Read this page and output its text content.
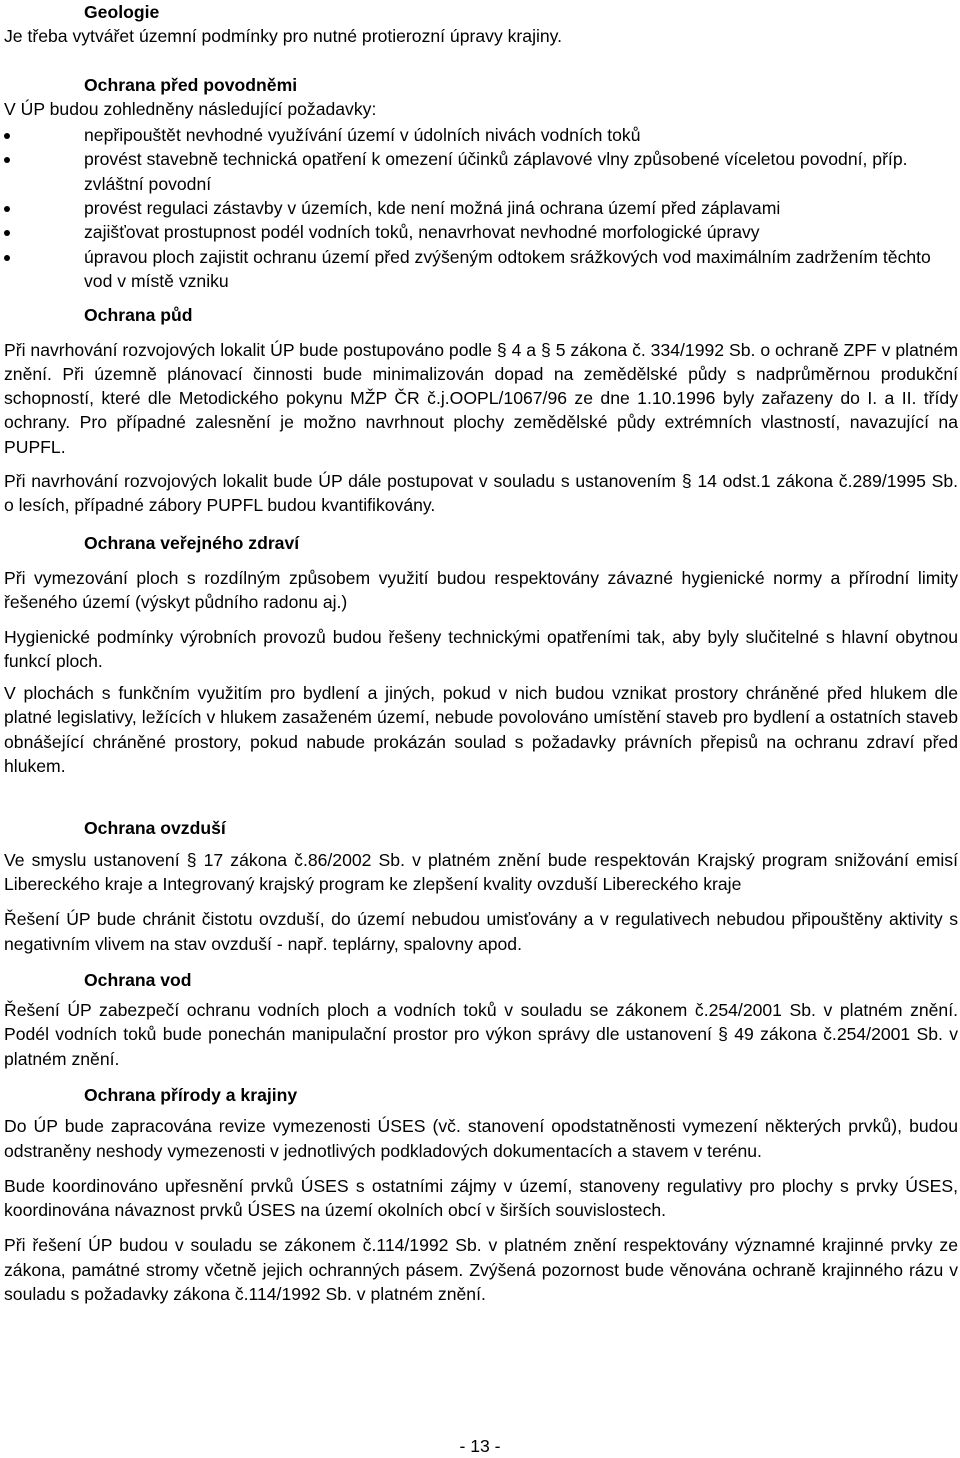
Geologie

Je třeba vytvářet územní podmínky pro nutné protierozní úpravy krajiny.

Ochrana před povodněmi

V ÚP budou zohledněny následující požadavky:

nepřipouštět nevhodné využívání území v údolních nivách vodních toků
provést stavebně technická opatření k omezení účinků záplavové vlny způsobené víceletou povodní, příp. zvláštní povodní
provést regulaci zástavby v územích, kde není možná jiná ochrana území před záplavami
zajišťovat prostupnost podél vodních toků, nenavrhovat nevhodné morfologické úpravy
úpravou ploch zajistit ochranu území před zvýšeným odtokem srážkových vod maximálním zadržením těchto vod v místě vzniku
Ochrana půd

Při navrhování rozvojových lokalit ÚP bude postupováno podle § 4 a § 5 zákona č. 334/1992 Sb. o ochraně ZPF v platném znění. Při územně plánovací činnosti bude minimalizován dopad na zemědělské půdy s nadprůměrnou produkční schopností, které dle Metodického pokynu MŽP ČR č.j.OOPL/1067/96 ze dne 1.10.1996 byly zařazeny do I. a II. třídy ochrany. Pro případné zalesnění je možno navrhnout plochy zemědělské půdy extrémních vlastností, navazující na PUPFL.

Při navrhování rozvojových lokalit bude ÚP dále postupovat v souladu s ustanovením § 14 odst.1 zákona č.289/1995 Sb. o lesích, případné zábory PUPFL budou kvantifikovány.

Ochrana veřejného zdraví

Při vymezování ploch s rozdílným způsobem využití budou respektovány závazné hygienické normy a přírodní limity řešeného území (výskyt půdního radonu aj.)

Hygienické podmínky výrobních provozů budou řešeny technickými opatřeními tak, aby byly slučitelné s hlavní obytnou funkcí ploch.

V plochách s funkčním využitím pro bydlení a jiných, pokud v nich budou vznikat prostory chráněné před hlukem dle platné legislativy, ležících v hlukem zasaženém území, nebude povolováno umístění staveb pro bydlení a ostatních staveb obnášející chráněné prostory, pokud nabude prokázán soulad s požadavky právních přepisů na ochranu zdraví před hlukem.

Ochrana ovzduší

Ve smyslu ustanovení § 17 zákona č.86/2002 Sb. v platném znění bude respektován Krajský program snižování emisí Libereckého kraje a Integrovaný krajský program ke zlepšení kvality ovzduší Libereckého kraje

Řešení ÚP bude chránit čistotu ovzduší, do území nebudou umisťovány a v regulativech nebudou připouštěny aktivity s negativním vlivem na stav ovzduší - např. teplárny, spalovny apod.

Ochrana vod

Řešení ÚP zabezpečí ochranu vodních ploch a vodních toků v souladu se zákonem č.254/2001 Sb. v platném znění. Podél vodních toků bude ponechán manipulační prostor pro výkon správy dle ustanovení § 49 zákona č.254/2001 Sb. v platném znění.

Ochrana přírody a krajiny

Do ÚP bude zapracována revize vymezenosti ÚSES (vč. stanovení opodstatněnosti vymezení některých prvků), budou odstraněny neshody vymezenosti v jednotlivých podkladových dokumentacích a stavem v terénu.

Bude koordinováno upřesnění prvků ÚSES s ostatními zájmy v území, stanoveny regulativy pro plochy s prvky ÚSES, koordinována návaznost prvků ÚSES na území okolních obcí v širších souvislostech.

Při řešení ÚP budou v souladu se zákonem č.114/1992 Sb. v platném znění respektovány významné krajinné prvky ze zákona, památné stromy včetně jejich ochranných pásem. Zvýšená pozornost bude věnována ochraně krajinného rázu v souladu s požadavky zákona č.114/1992 Sb. v platném znění.

- 13 -
